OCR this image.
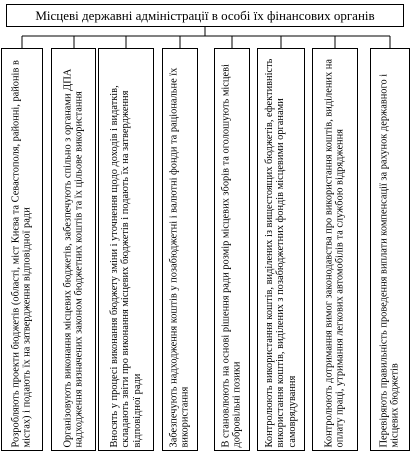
Місцеві державні адміністрації в особі їх фінансових органів
Розробляють проекти бюджетів (області, міст Києва та Севастополя, районні, районів в містах) і подають їх на затвердження відповідної ради	Організовують виконання місцевих бюджетів, забезпечують спільно з органами ДПА надходження визначених законом бюджетних коштів та їх цільове використання Вносять у процесі виконання бюджету зміни і уточнення щодо доходів і видатків, складають звіти про виконання місцевих бюджетів і подають їх на затвердження відповідної ради	Забезпечують надходження коштів у позабюджетні і валютні фонди та раціональне їх використання	В становлюють на основі рішення ради розмір місцевих зборів та оголошують місцеві добровільні позики Контролюють використання коштів, виділених із вищестоящих бюджетів, ефективність використання коштів, виділених з позабюджетних фондів місцевими органами самоврядування	Контролюють дотримання вимог законодавства про використання коштів, виділених на оплату праці, утримання легкових автомобілів та службою відрядження	Перевіряють правильність проведення виплати компенсації за рахунок державного і місцевих бюджетів
